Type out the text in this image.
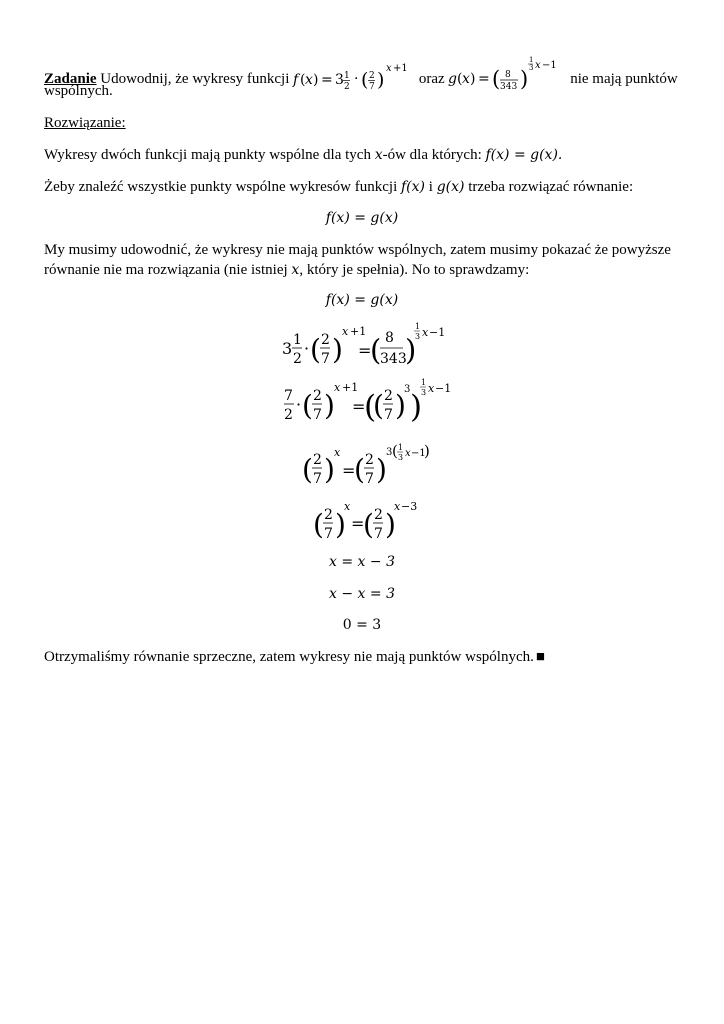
Zadanie Udowodnij, że wykresy funkcji f ( x ) = 3 1
2 · ( 2
7 )
x +1
oraz g ( x ) = ( 8
343 )
1
3 x −1
nie mają punktów
wspólnych.
Rozwiązanie:
Wykresy dwóch funkcji mają punkty wspólne dla tych x-ów dla których: f(x) = g(x).
Żeby znaleźć wszystkie punkty wspólne wykresów funkcji f(x) i g(x) trzeba rozwiązać równanie:
f(x) = g(x)
My musimy udowodnić, że wykresy nie mają punktów wspólnych, zatem musimy pokazać że powyższe
równanie nie ma rozwiązania (nie istniej x, który je spełnia). No to sprawdzamy:
f(x) = g(x)
3 1
2
· ( 2
7 )
x +1
=
( 8
343
)
1
3 x −1
7
2
· ( 2
7 )
x +1
=
(
( 2
7 )
3 )
1
3 x −1
( 2
7 )
x
=
( 2
7 )
3 ( 1
3 x −1
)
( 2
7 )
x
=
( 2
7 )
x −3
x = x − 3
x − x = 3
0 = 3
Otrzymaliśmy równanie sprzeczne, zatem wykresy nie mają punktów wspólnych. ■
